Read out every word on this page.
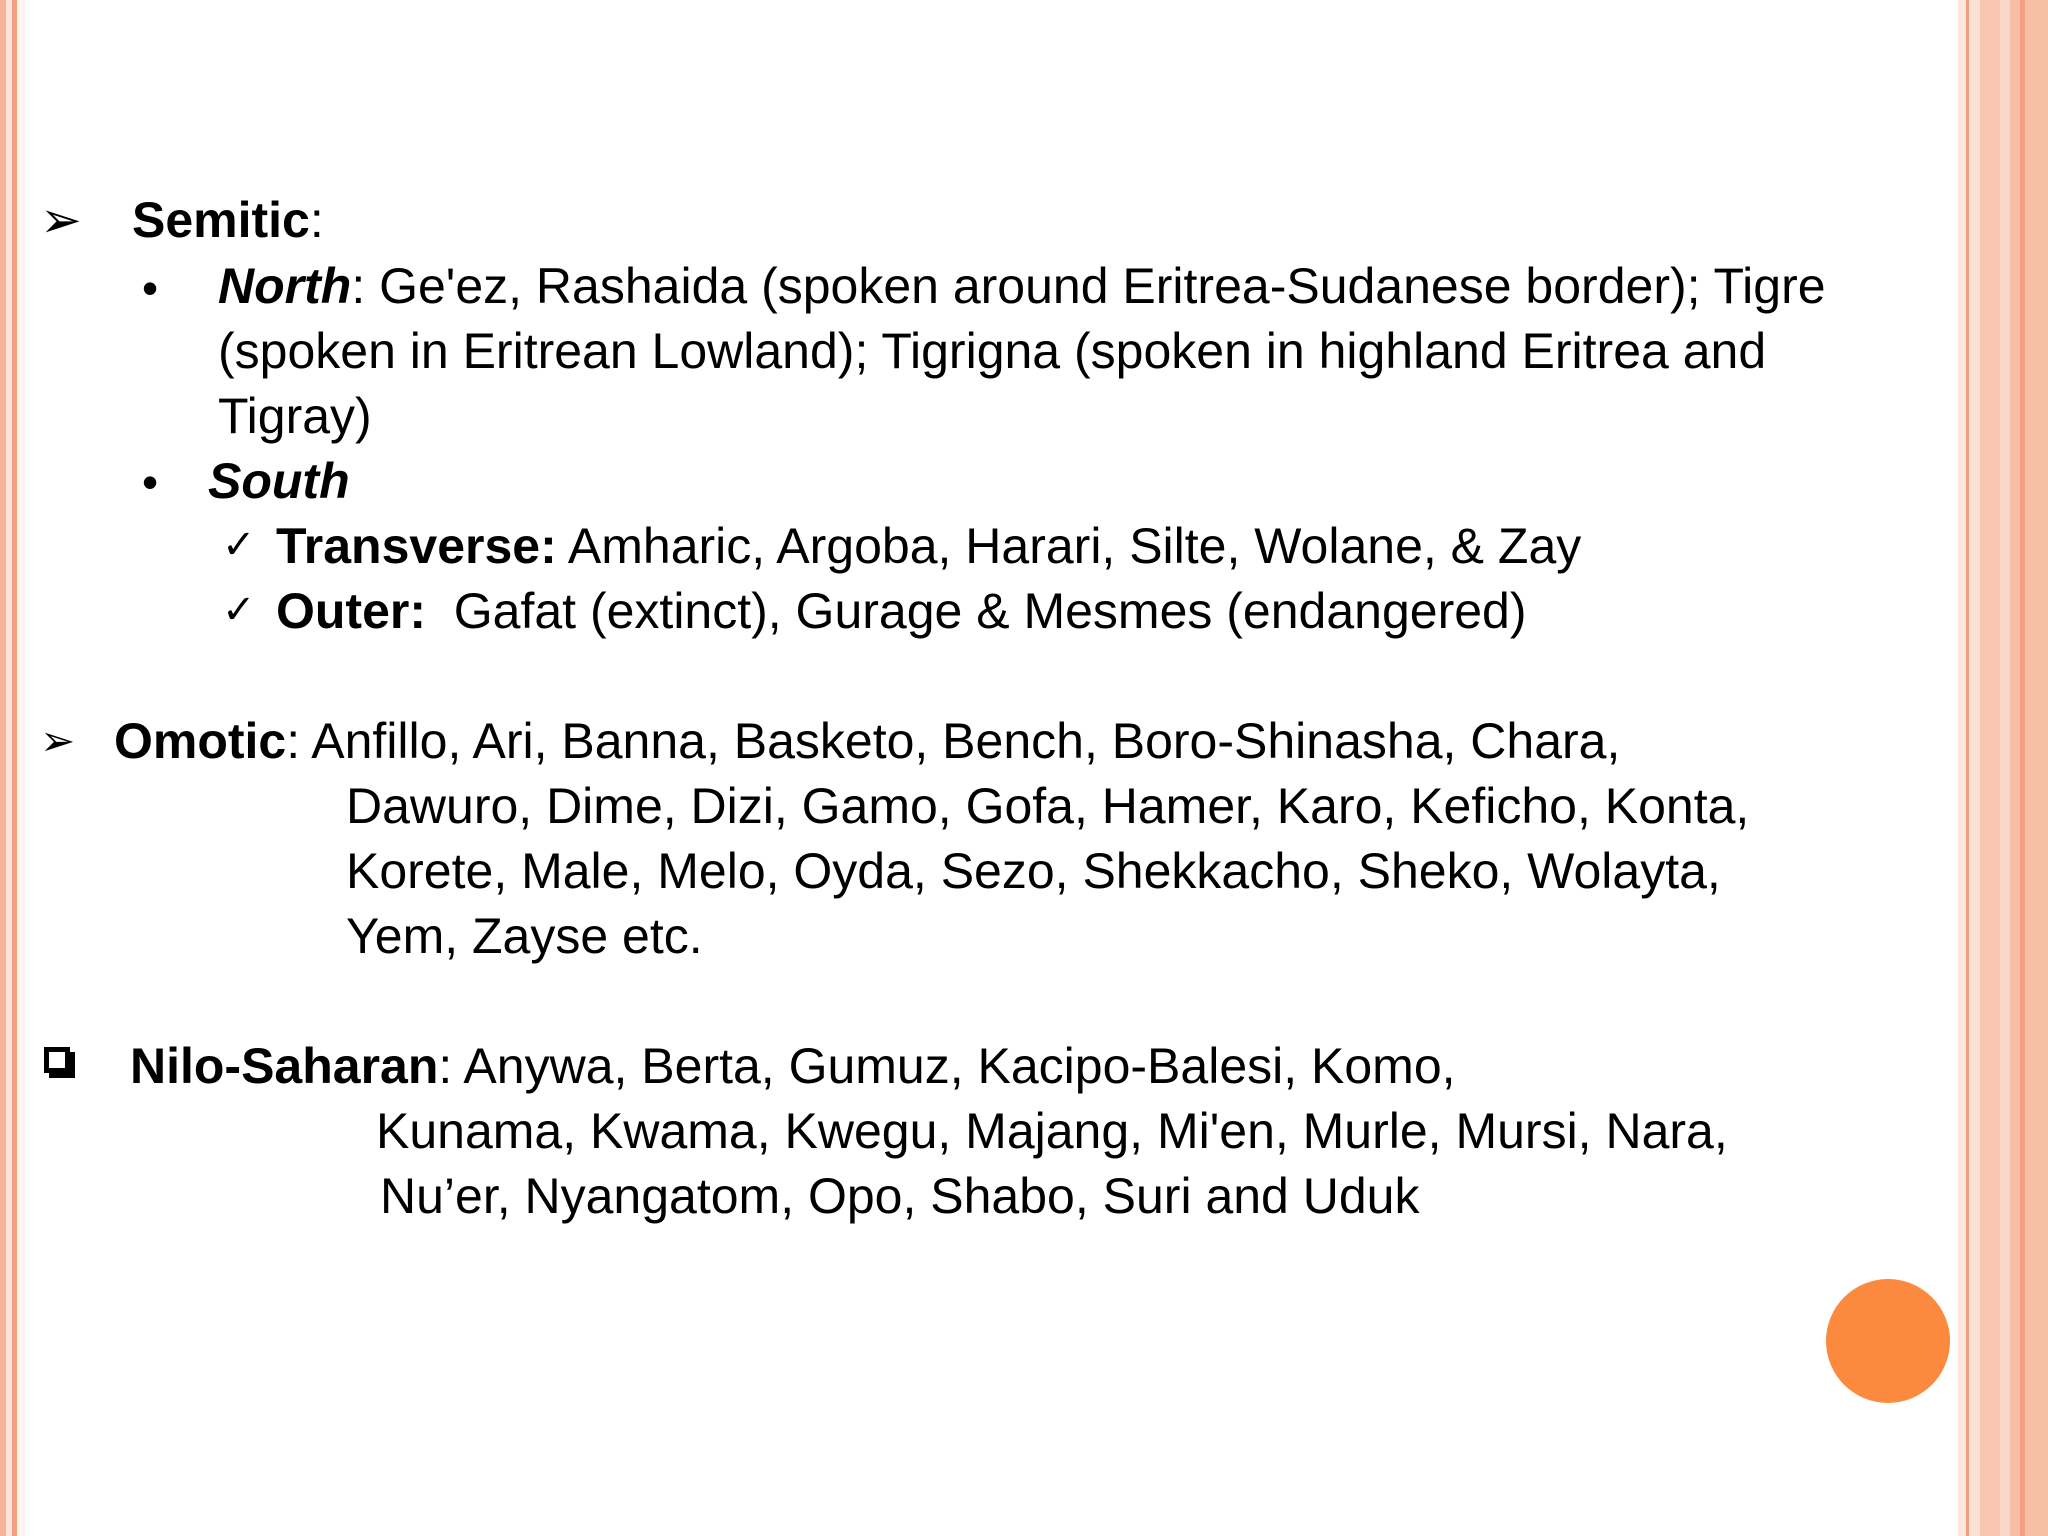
➢ Semitic:
• North: Ge'ez, Rashaida (spoken around Eritrea-Sudanese border); Tigre
(spoken in Eritrean Lowland); Tigrigna (spoken in highland Eritrea and
Tigray)
• South
✓ Transverse: Amharic, Argoba, Harari, Silte, Wolane, & Zay
✓ Outer:  Gafat (extinct), Gurage & Mesmes (endangered)
➢ Omotic: Anfillo, Ari, Banna, Basketo, Bench, Boro-Shinasha, Chara,
Dawuro, Dime, Dizi, Gamo, Gofa, Hamer, Karo, Keficho, Konta,
Korete, Male, Melo, Oyda, Sezo, Shekkacho, Sheko, Wolayta,
Yem, Zayse etc.
Nilo-Saharan: Anywa, Berta, Gumuz, Kacipo-Balesi, Komo,
Kunama, Kwama, Kwegu, Majang, Mi'en, Murle, Mursi, Nara,
Nu’er, Nyangatom, Opo, Shabo, Suri and Uduk
